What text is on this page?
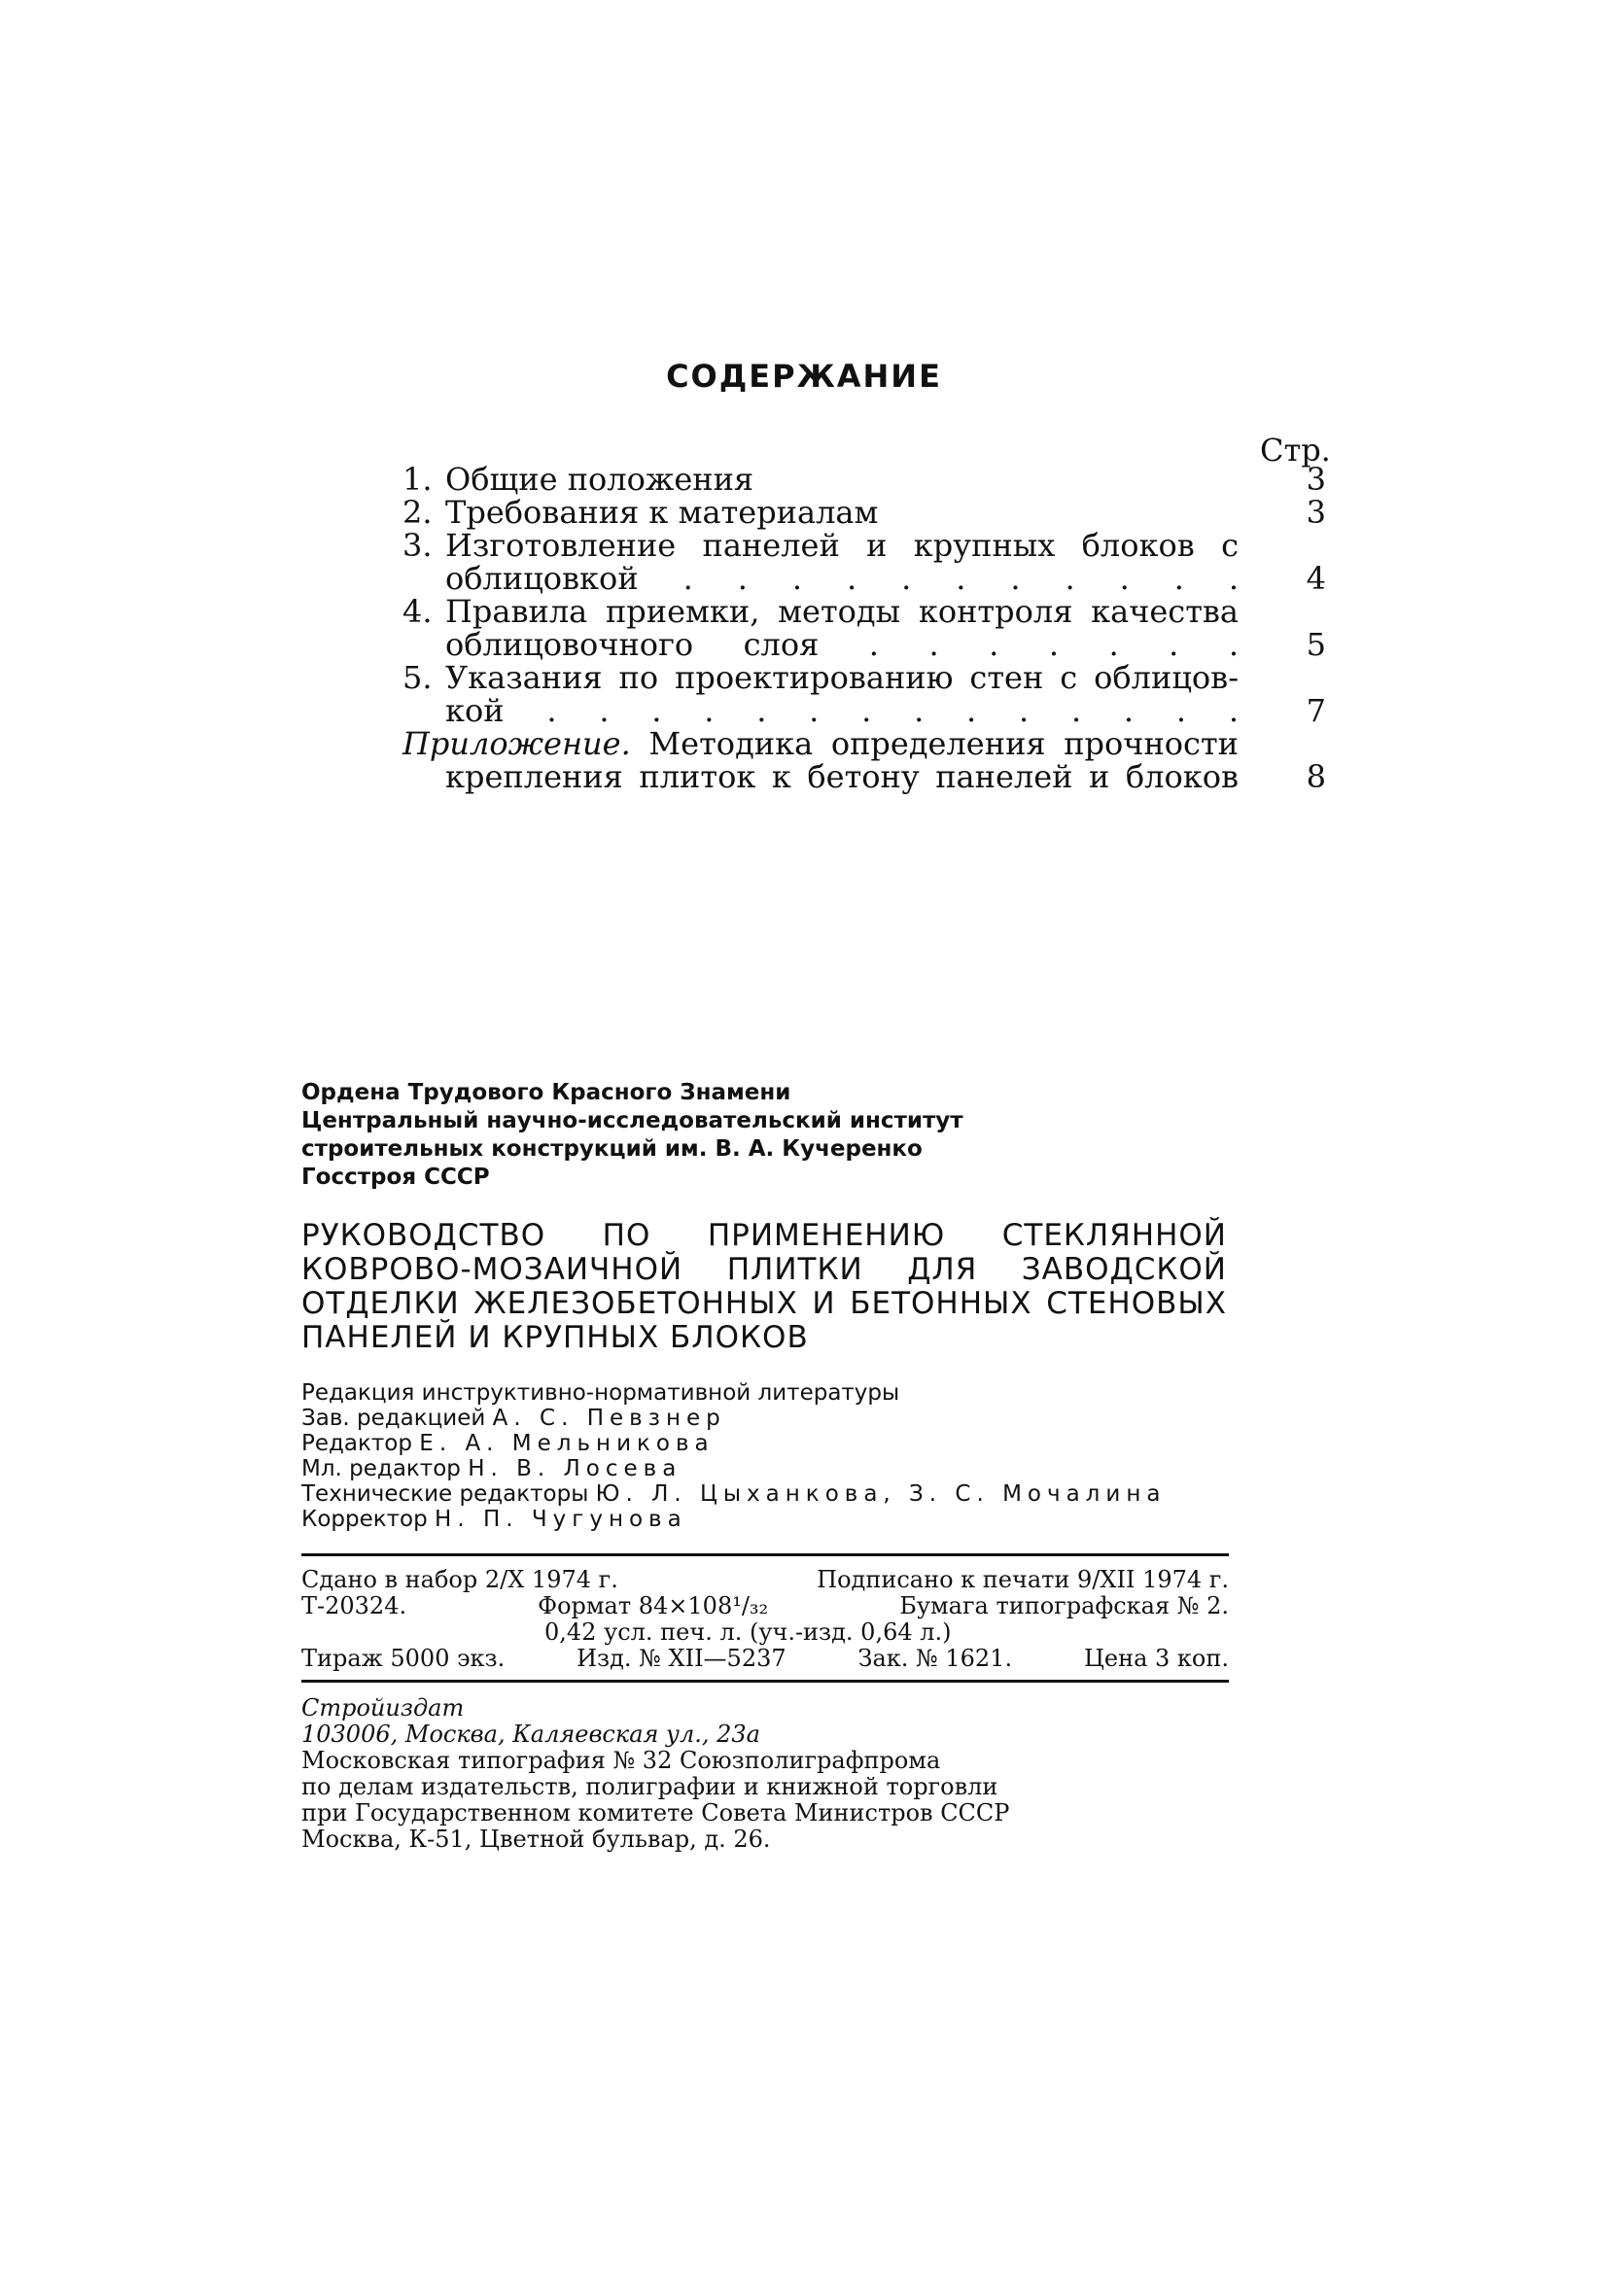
СОДЕРЖАНИЕ
Стр.
1. Общие положения	3
2. Требования к материалам	3
3. Изготовление панелей и крупных блоков с
облицовкой . . . . . . . . . . .	4
4. Правила приемки, методы контроля качества
облицовочного слоя . . . . . . .	5
5. Указания по проектированию стен с облицов-
кой . . . . . . . . . . . . . .	7
Приложение. Методика определения прочности
крепления плиток к бетону панелей и блоков	8
Ордена Трудового Красного Знамени
Центральный научно-исследовательский институт
строительных конструкций им. В. А. Кучеренко
Госстроя СССР
РУКОВОДСТВО ПО ПРИМЕНЕНИЮ СТЕКЛЯННОЙ КОВРОВО-МОЗАИЧНОЙ ПЛИТКИ ДЛЯ ЗАВОДСКОЙ ОТДЕЛКИ ЖЕЛЕЗОБЕТОННЫХ И БЕТОННЫХ СТЕНОВЫХ ПАНЕЛЕЙ И КРУПНЫХ БЛОКОВ
Редакция инструктивно-нормативной литературы
Зав. редакцией А. С. Певзнер
Редактор Е. А. Мельникова
Мл. редактор Н. В. Лосева
Технические редакторы Ю. Л. Цыханкова, З. С. Мочалина
Корректор Н. П. Чугунова
Сдано в набор 2/X 1974 г.	Подписано к печати 9/XII 1974 г.
Т-20324.	Формат 84×108¹/₃₂	Бумага типографская № 2.
0,42 усл. печ. л. (уч.-изд. 0,64 л.)
Тираж 5000 экз.	Изд. № XII—5237	Зак. № 1621.	Цена 3 коп.
Стройиздат
103006, Москва, Каляевская ул., 23а
Московская типография № 32 Союзполиграфпрома
по делам издательств, полиграфии и книжной торговли
при Государственном комитете Совета Министров СССР
Москва, К-51, Цветной бульвар, д. 26.
